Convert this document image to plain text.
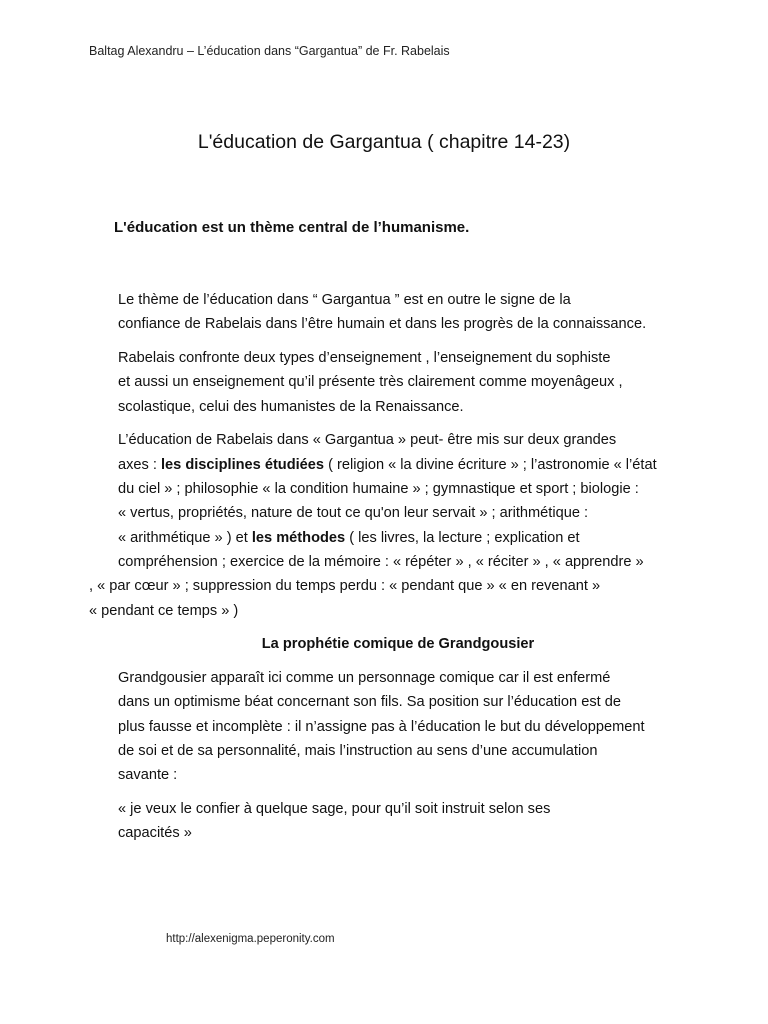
Baltag Alexandru – L’éducation dans “Gargantua” de Fr. Rabelais
L'éducation de Gargantua ( chapitre 14-23)
L'éducation est un thème central de l’humanisme.

Le thème de l’éducation dans “ Gargantua ” est en outre le signe de la
confiance de Rabelais dans l’être humain et dans les progrès de la connaissance.

Rabelais confronte deux types d’enseignement , l’enseignement du sophiste
et aussi un enseignement qu’il présente très clairement comme moyenâgeux ,
scolastique, celui des humanistes de la Renaissance.

L’éducation de Rabelais dans « Gargantua » peut- être mis sur deux grandes
axes : les disciplines étudiées ( religion « la divine écriture » ; l’astronomie « l’état
du ciel » ; philosophie « la condition humaine » ; gymnastique et sport ; biologie :
« vertus, propriétés, nature de tout ce qu'on leur servait » ; arithmétique :
« arithmétique » ) et les méthodes ( les livres, la lecture ; explication et
compréhension ; exercice de la mémoire : « répéter » , « réciter » , « apprendre »
, « par cœur » ; suppression du temps perdu : « pendant que » « en revenant »
« pendant ce temps » )

La prophétie comique de Grandgousier

Grandgousier apparaît ici comme un personnage comique car il est enfermé
dans un optimisme béat concernant son fils. Sa position sur l’éducation est de
plus fausse et incomplète : il n’assigne pas à l’éducation le but du développement
de soi et de sa personnalité, mais l’instruction au sens d’une accumulation
savante :

« je veux le confier à quelque sage, pour qu’il soit instruit selon ses
capacités »

http://alexenigma.peperonity.com
